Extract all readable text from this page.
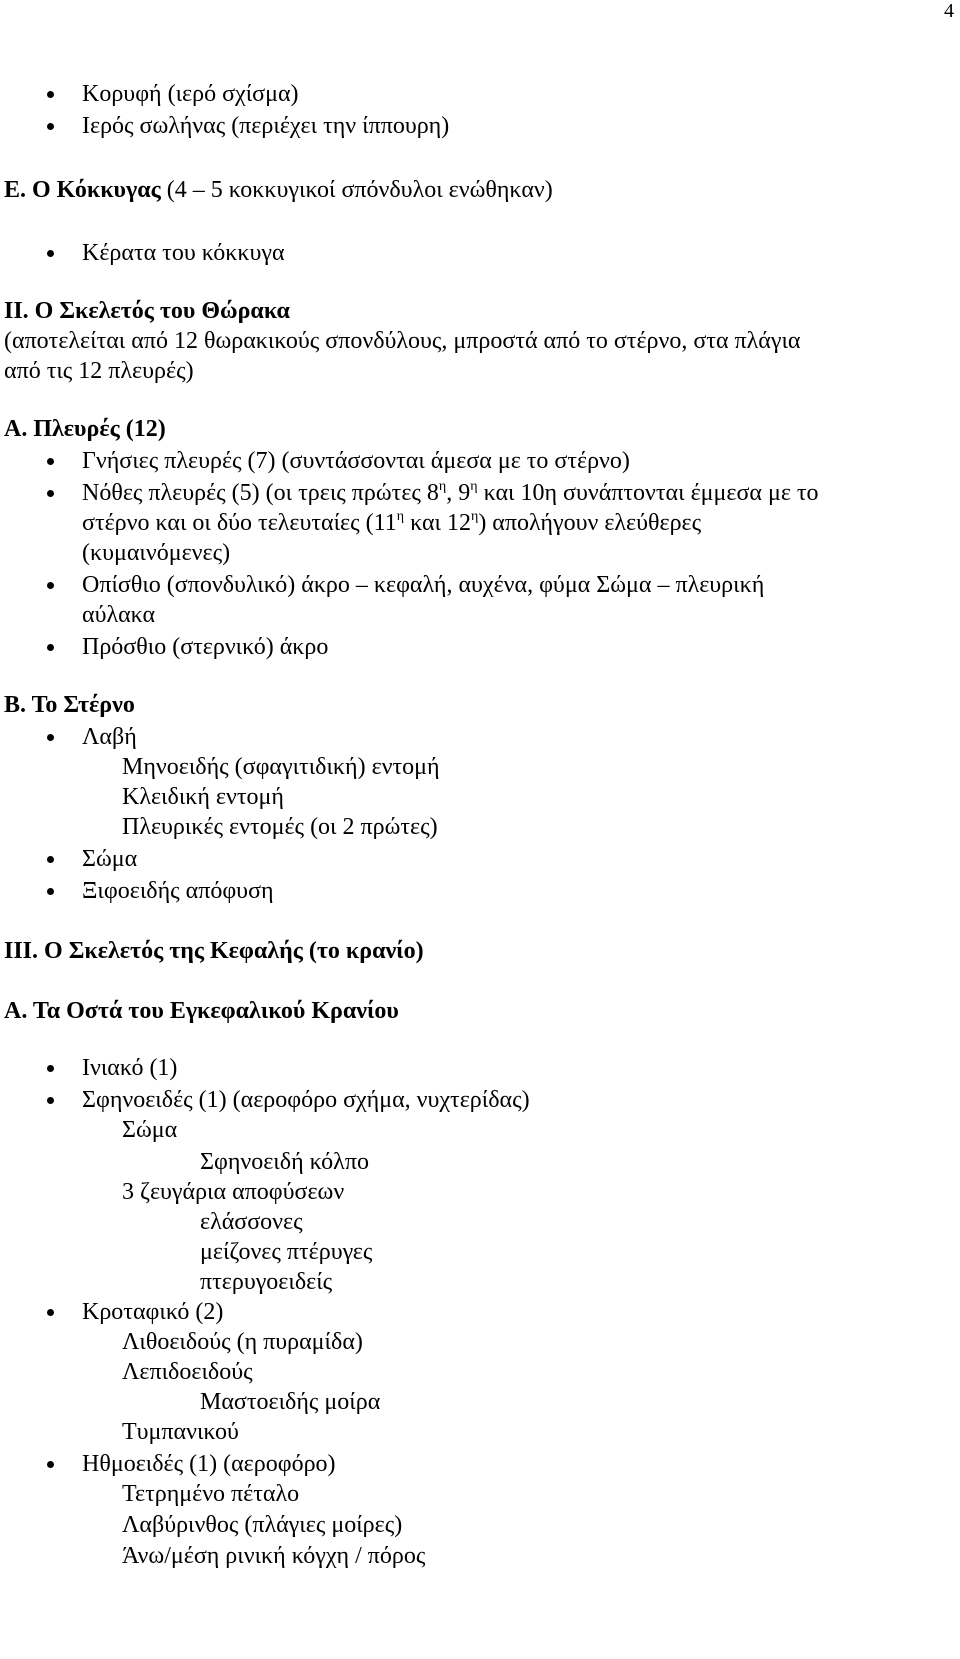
4
Κορυφή (ιερό σχίσμα)
Ιερός σωλήνας (περιέχει την ίππουρη)
Ε. Ο Κόκκυγας (4 – 5 κοκκυγικοί σπόνδυλοι ενώθηκαν)
Κέρατα του κόκκυγα
ΙΙ. Ο Σκελετός του Θώρακα
(αποτελείται από 12 θωρακικούς σπονδύλους, μπροστά από το στέρνο, στα πλάγια
από τις 12 πλευρές)
Α. Πλευρές (12)
Γνήσιες πλευρές (7) (συντάσσονται άμεσα με το στέρνο)
Νόθες πλευρές (5) (οι τρεις πρώτες $8^\eta$, $9^\eta$ και 10η συνάπτονται έμμεσα με το
στέρνο και οι δύο τελευταίες ($11^\eta$ και $12^\eta$) απολήγουν ελεύθερες
(κυμαινόμενες)
Οπίσθιο (σπονδυλικό) άκρο – κεφαλή, αυχένα, φύμα Σώμα – πλευρική
αύλακα
Πρόσθιο (στερνικό) άκρο
Β. Το Στέρνο
Λαβή
Μηνοειδής (σφαγιτιδική) εντομή
Κλειδική εντομή
Πλευρικές εντομές (οι 2 πρώτες)
Σώμα
Ξιφοειδής απόφυση
ΙΙΙ. Ο Σκελετός της Κεφαλής (το κρανίο)
Α. Τα Οστά του Εγκεφαλικού Κρανίου
Ινιακό (1)
Σφηνοειδές (1) (αεροφόρο σχήμα, νυχτερίδας)
Σώμα
Σφηνοειδή κόλπο
3 ζευγάρια αποφύσεων
ελάσσονες
μείζονες πτέρυγες
πτερυγοειδείς
Κροταφικό (2)
Λιθοειδούς (η πυραμίδα)
Λεπιδοειδούς
Μαστοειδής μοίρα
Τυμπανικού
Ηθμοειδές (1) (αεροφόρο)
Τετρημένο πέταλο
Λαβύρινθος (πλάγιες μοίρες)
Άνω/μέση ρινική κόγχη / πόρος
